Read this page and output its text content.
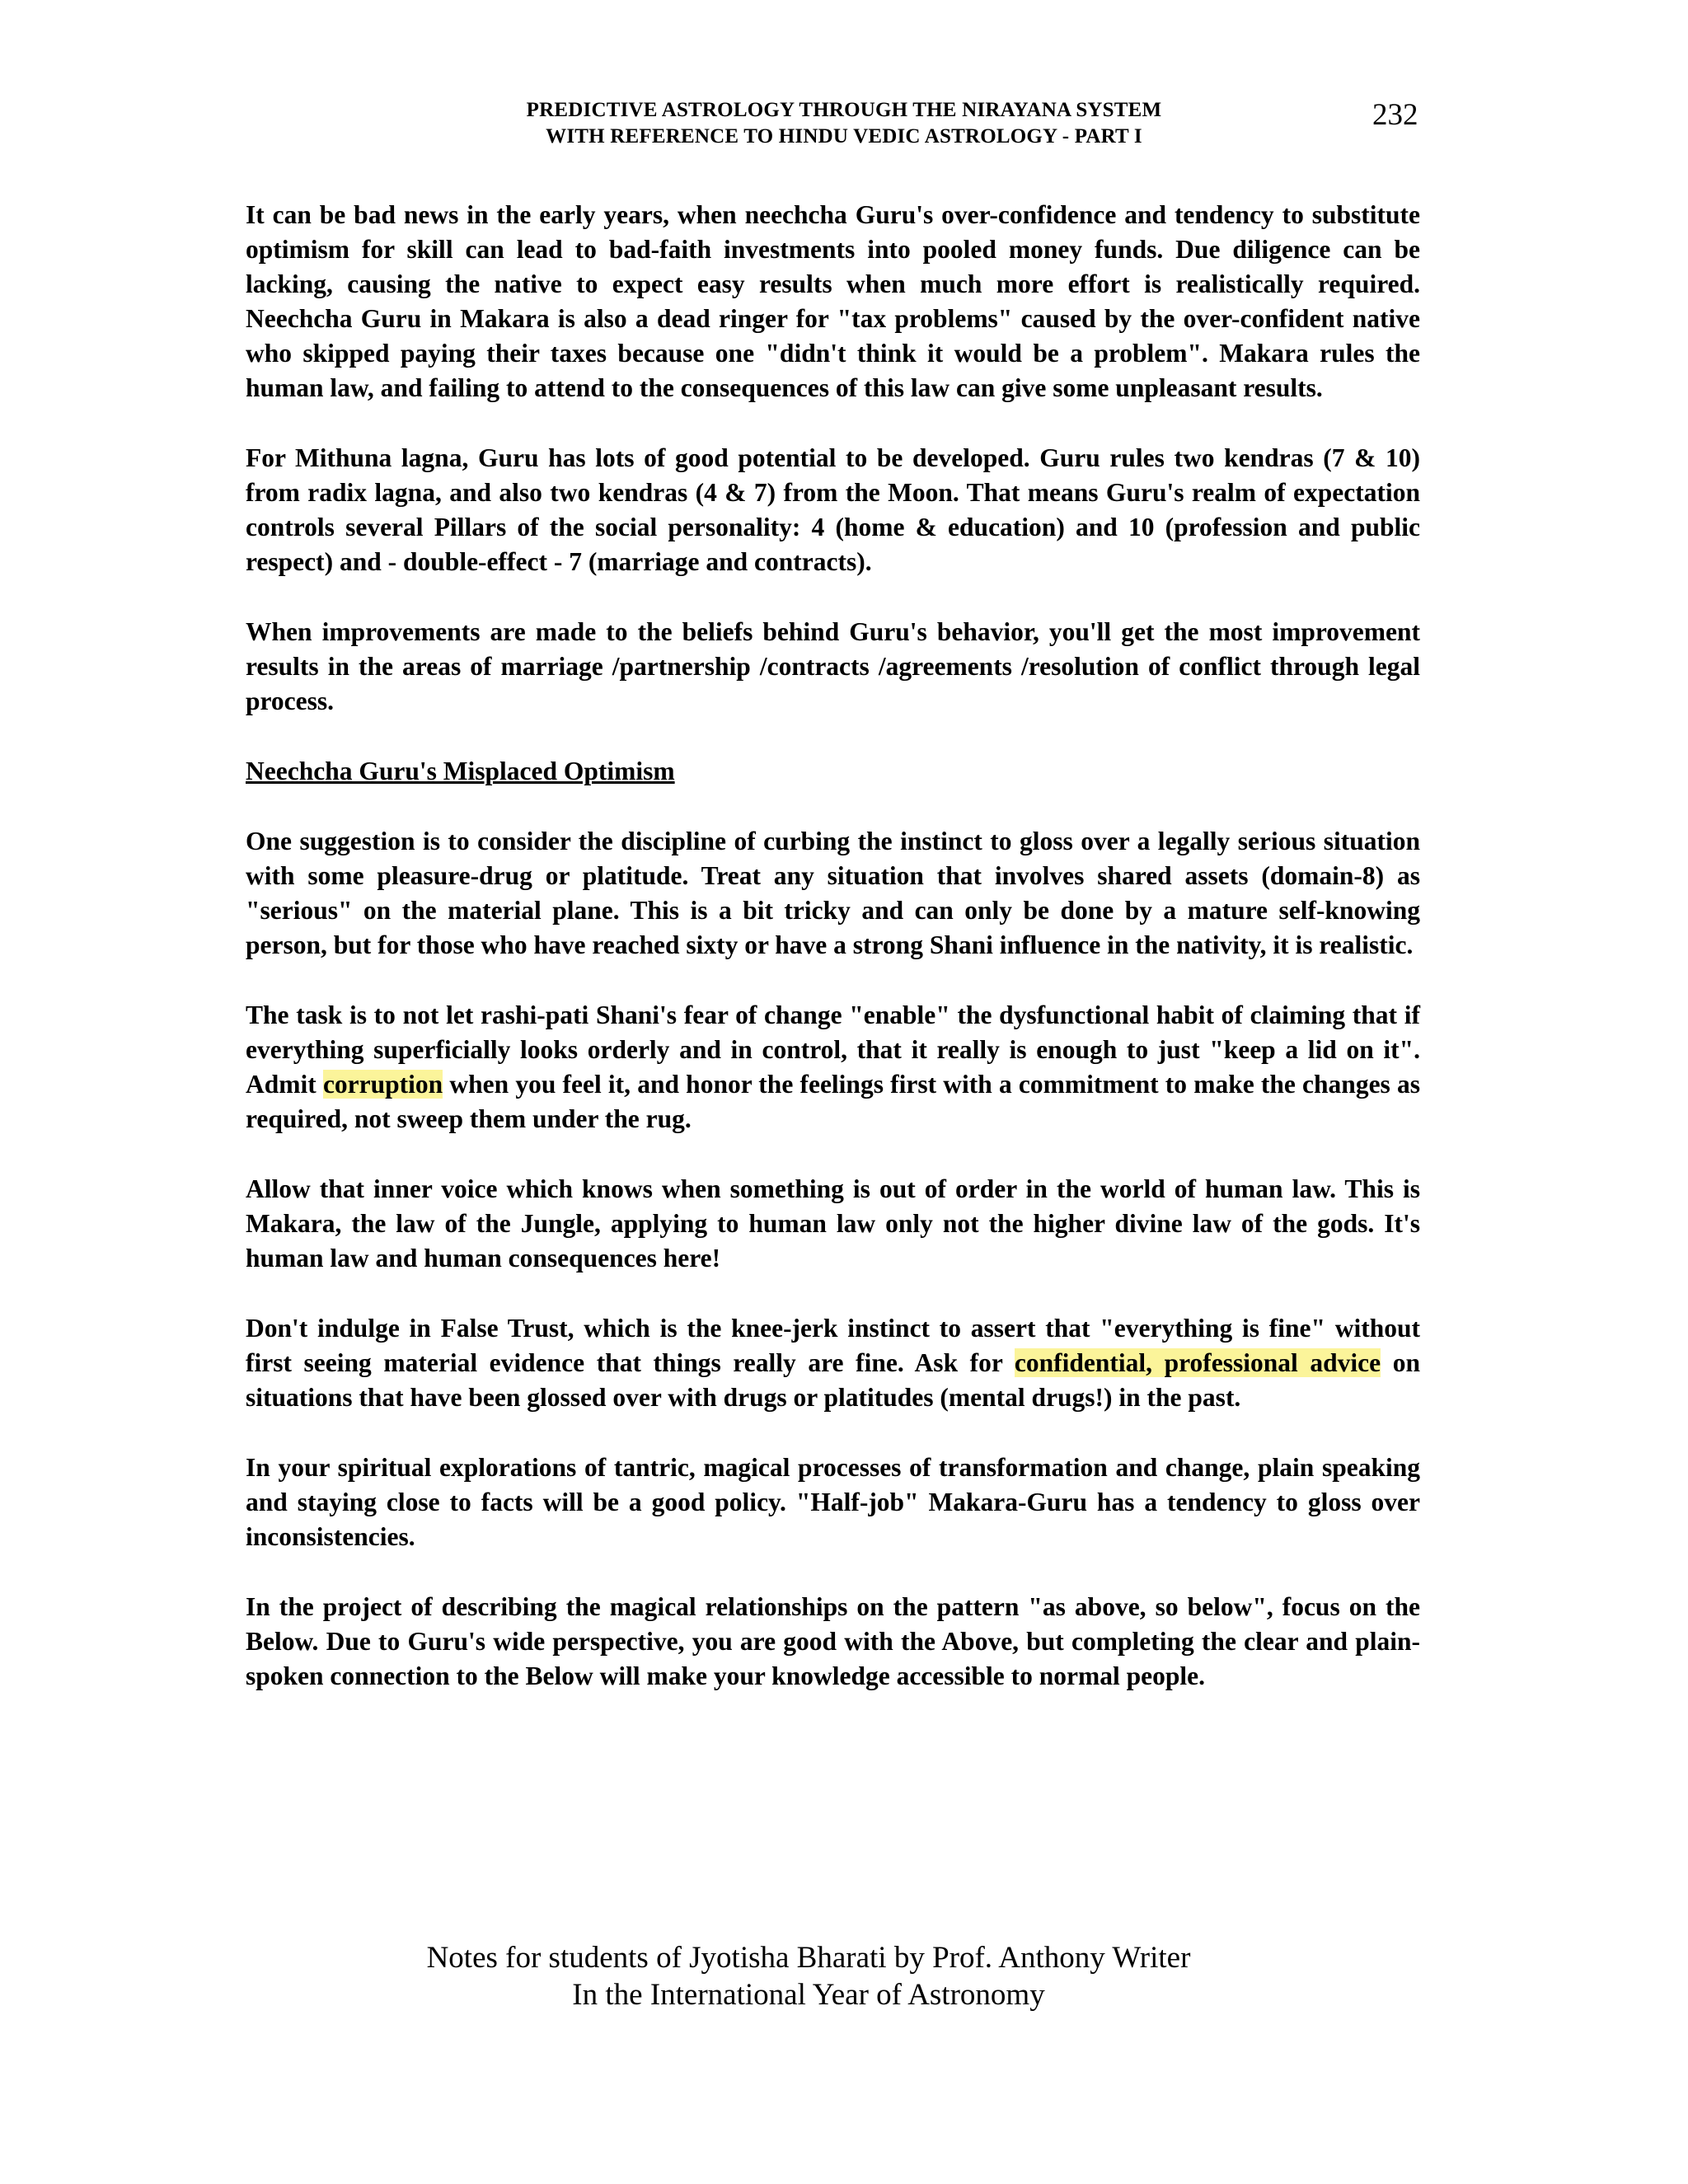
PREDICTIVE ASTROLOGY THROUGH THE NIRAYANA SYSTEM
WITH REFERENCE TO HINDU VEDIC ASTROLOGY - PART I
232

It can be bad news in the early years, when neechcha Guru's over-confidence and tendency to substitute optimism for skill can lead to bad-faith investments into pooled money funds. Due diligence can be lacking, causing the native to expect easy results when much more effort is realistically required. Neechcha Guru in Makara is also a dead ringer for "tax problems" caused by the over-confident native who skipped paying their taxes because one "didn't think it would be a problem". Makara rules the human law, and failing to attend to the consequences of this law can give some unpleasant results.

For Mithuna lagna, Guru has lots of good potential to be developed. Guru rules two kendras (7 & 10) from radix lagna, and also two kendras (4 & 7) from the Moon. That means Guru's realm of expectation controls several Pillars of the social personality: 4 (home & education) and 10 (profession and public respect) and - double-effect - 7 (marriage and contracts).

When improvements are made to the beliefs behind Guru's behavior, you'll get the most improvement results in the areas of marriage /partnership /contracts /agreements /resolution of conflict through legal process.

Neechcha Guru's Misplaced Optimism

One suggestion is to consider the discipline of curbing the instinct to gloss over a legally serious situation with some pleasure-drug or platitude. Treat any situation that involves shared assets (domain-8) as "serious" on the material plane. This is a bit tricky and can only be done by a mature self-knowing person, but for those who have reached sixty or have a strong Shani influence in the nativity, it is realistic.

The task is to not let rashi-pati Shani's fear of change "enable" the dysfunctional habit of claiming that if everything superficially looks orderly and in control, that it really is enough to just "keep a lid on it". Admit corruption when you feel it, and honor the feelings first with a commitment to make the changes as required, not sweep them under the rug.

Allow that inner voice which knows when something is out of order in the world of human law. This is Makara, the law of the Jungle, applying to human law only not the higher divine law of the gods. It's human law and human consequences here!

Don't indulge in False Trust, which is the knee-jerk instinct to assert that "everything is fine" without first seeing material evidence that things really are fine. Ask for confidential, professional advice on situations that have been glossed over with drugs or platitudes (mental drugs!) in the past.

In your spiritual explorations of tantric, magical processes of transformation and change, plain speaking and staying close to facts will be a good policy. "Half-job" Makara-Guru has a tendency to gloss over inconsistencies.

In the project of describing the magical relationships on the pattern "as above, so below", focus on the Below. Due to Guru's wide perspective, you are good with the Above, but completing the clear and plain-spoken connection to the Below will make your knowledge accessible to normal people.

Notes for students of Jyotisha Bharati by Prof. Anthony Writer
In the International Year of Astronomy
